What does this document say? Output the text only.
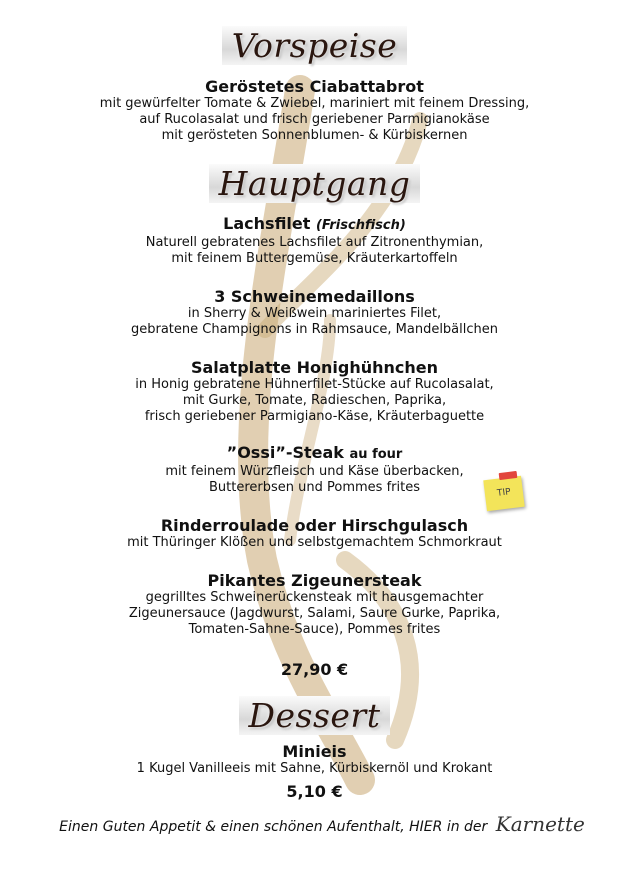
Vorspeise
Geröstetes Ciabattabrot
mit gewürfelter Tomate & Zwiebel, mariniert mit feinem Dressing,
auf Rucolasalat und frisch geriebener Parmigianokäse
mit gerösteten Sonnenblumen- & Kürbiskernen
Hauptgang
Lachsfilet (Frischfisch)
Naturell gebratenes Lachsfilet auf Zitronenthymian,
mit feinem Buttergemüse, Kräuterkartoffeln
3 Schweinemedaillons
in Sherry & Weißwein mariniertes Filet,
gebratene Champignons in Rahmsauce, Mandelbällchen
Salatplatte Honighühnchen
in Honig gebratene Hühnerfilet-Stücke auf Rucolasalat,
mit Gurke, Tomate, Radieschen, Paprika,
frisch geriebener Parmigiano-Käse, Kräuterbaguette
”Ossi”-Steak au four
mit feinem Würzfleisch und Käse überbacken,
Buttererbsen und Pommes frites	TIP
Rinderroulade oder Hirschgulasch
mit Thüringer Klößen und selbstgemachtem Schmorkraut
Pikantes Zigeunersteak
gegrilltes Schweinerückensteak mit hausgemachter
Zigeunersauce (Jagdwurst, Salami, Saure Gurke, Paprika,
Tomaten-Sahne-Sauce), Pommes frites
27,90 €
Dessert
Minieis
1 Kugel Vanilleeis mit Sahne, Kürbiskernöl und Krokant
5,10 €
Einen Guten Appetit & einen schönen Aufenthalt, HIER in der Karnette
